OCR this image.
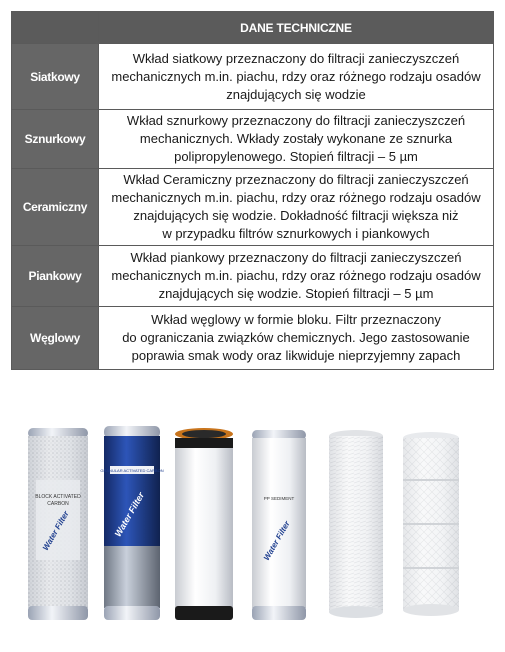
	DANE TECHNICZNE
Siatkowy	Wkład siatkowy przeznaczony do filtracji zanieczyszczeń
mechanicznych m.in. piachu, rdzy oraz różnego rodzaju osadów
znajdujących się wodzie

Sznurkowy	Wkład sznurkowy przeznaczony do filtracji zanieczyszczeń
mechanicznych. Wkłady zostały wykonane ze sznurka
polipropylenowego. Stopień filtracji – 5 µm

Ceramiczny	Wkład Ceramiczny przeznaczony do filtracji zanieczyszczeń
mechanicznych m.in. piachu, rdzy oraz różnego rodzaju osadów
znajdujących się wodzie. Dokładność filtracji większa niż
w przypadku filtrów sznurkowych i piankowych

Piankowy	Wkład piankowy przeznaczony do filtracji zanieczyszczeń
mechanicznych m.in. piachu, rdzy oraz różnego rodzaju osadów
znajdujących się wodzie. Stopień filtracji – 5 µm

Węglowy	Wkład węglowy w formie bloku. Filtr przeznaczony
do ograniczania związków chemicznych. Jego zastosowanie
poprawia smak wody oraz likwiduje nieprzyjemny zapach
BLOCK ACTIVATED
CARBON
Water Filter
GRANULAR ACTIVATED CARBON
Water Filter	PP SEDIMENT
Water Filter
